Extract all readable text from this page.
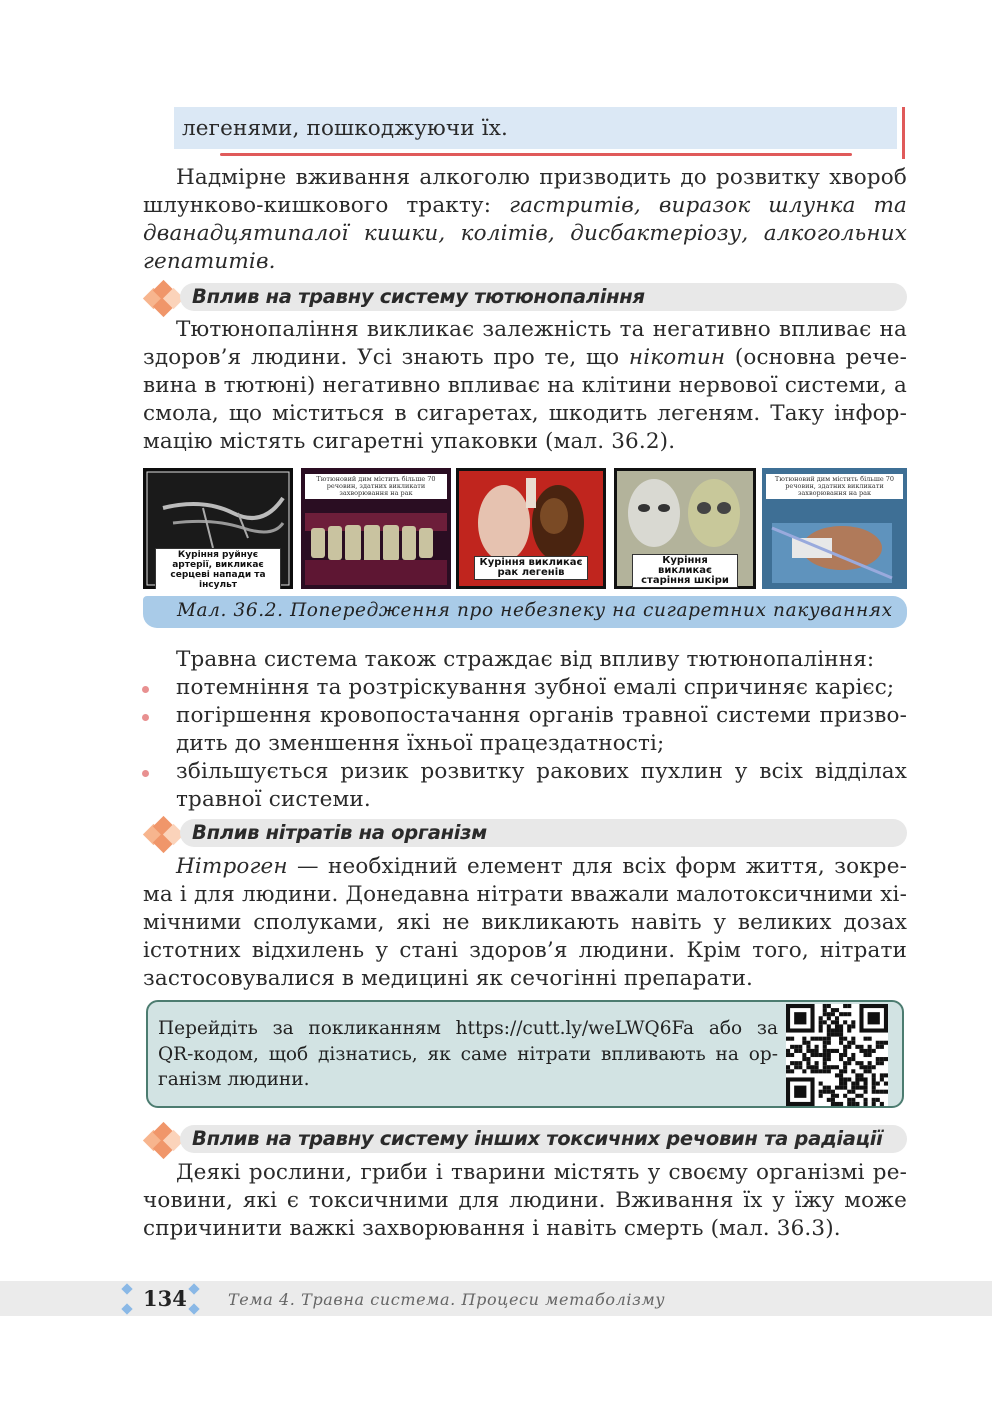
легенями, пошкоджуючи їх.
Надмірне вживання алкоголю призводить до розвитку хвороб
шлунково-кишкового тракту: гастритів, виразок шлунка та
дванадцятипалої кишки, колітів, дисбактеріозу, алкогольних
гепатитів.
Вплив на травну систему тютюнопаління
Тютюнопаління викликає залежність та негативно впливає на
здоров’я людини. Усі знають про те, що нікотин (основна рече-
вина в тютюні) негативно впливає на клітини нервової системи, а
смола, що міститься в сигаретах, шкодить легеням. Таку інфор-
мацію містять сигаретні упаковки (мал. 36.2).
Куріння руйнує артерії, викликає серцеві напади та інсульт
Тютюновий дим містить більше 70 речовин, здатних викликати захворювання на рак
Куріння викликає рак легенів
Куріння викликає старіння шкіри
Тютюновий дим містить більше 70 речовин, здатних викликати захворювання на рак
Мал. 36.2. Попередження про небезпеку на сигаретних пакуваннях
Травна система також страждає від впливу тютюнопаління:
потемніння та розтріскування зубної емалі спричиняє карієс;
погіршення кровопостачання органів травної системи призво-
дить до зменшення їхньої працездатності;
збільшується ризик розвитку ракових пухлин у всіх відділах
травної системи.
Вплив нітратів на організм
Нітроген — необхідний елемент для всіх форм життя, зокре-
ма і для людини. Донедавна нітрати вважали малотоксичними хі-
мічними сполуками, які не викликають навіть у великих дозах
істотних відхилень у стані здоров’я людини. Крім того, нітрати
застосовувалися в медицині як сечогінні препарати.
Перейдіть за покликанням https://cutt.ly/weLWQ6Fa або за
QR-кодом, щоб дізнатись, як саме нітрати впливають на ор-
ганізм людини.
Вплив на травну систему інших токсичних речовин та радіації
Деякі рослини, гриби і тварини містять у своєму організмі ре-
човини, які є токсичними для людини. Вживання їх у їжу може
спричинити важкі захворювання і навіть смерть (мал. 36.3).
134	Тема 4. Травна система. Процеси метаболізму
